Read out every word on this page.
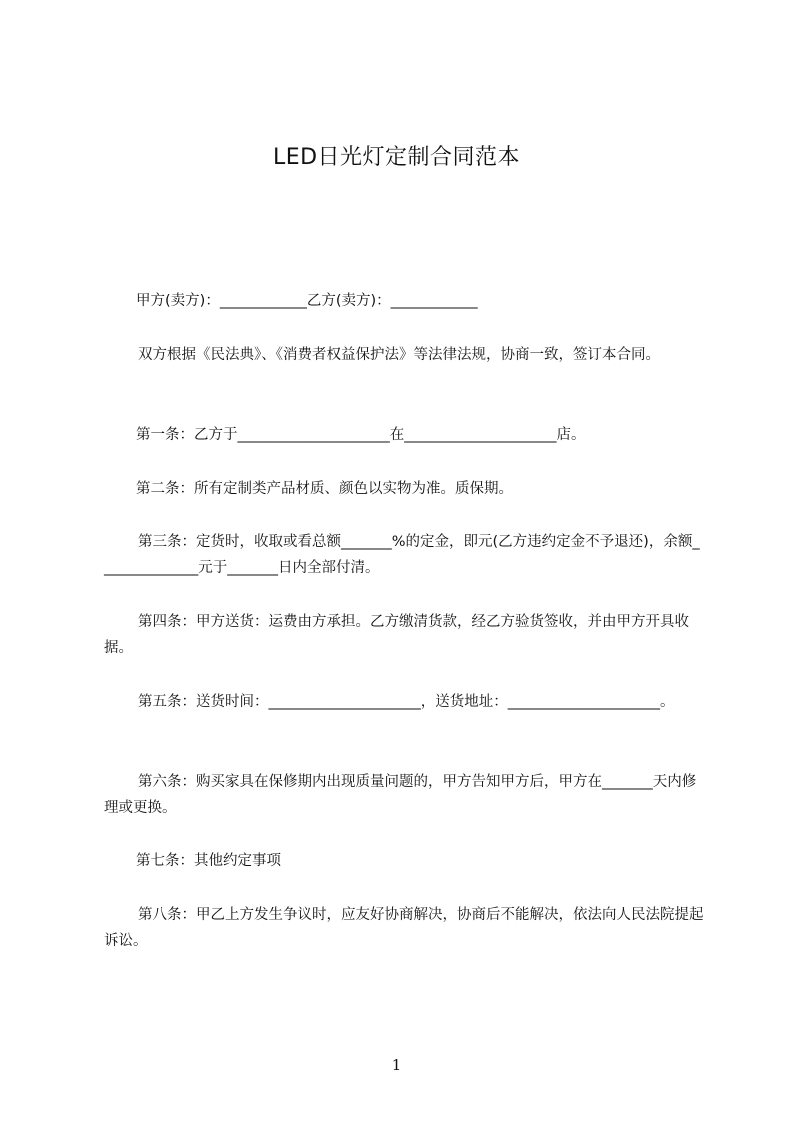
LED日光灯定制合同范本

甲方(卖方)：____________乙方(卖方)：____________

双方根据《民法典》、《消费者权益保护法》等法律法规，协商一致，签订本合同。

第一条：乙方于_____________________在_____________________店。

第二条：所有定制类产品材质、颜色以实物为准。质保期。

第三条：定货时，收取或看总额_______%的定金，即元(乙方违约定金不予退还)，余额______________元于_______日内全部付清。

第四条：甲方送货：运费由方承担。乙方缴清货款，经乙方验货签收，并由甲方开具收据。

第五条：送货时间：_____________________，送货地址：_____________________。

第六条：购买家具在保修期内出现质量问题的，甲方告知甲方后，甲方在_______天内修理或更换。

第七条：其他约定事项

第八条：甲乙上方发生争议时，应友好协商解决，协商后不能解决，依法向人民法院提起诉讼。

1
